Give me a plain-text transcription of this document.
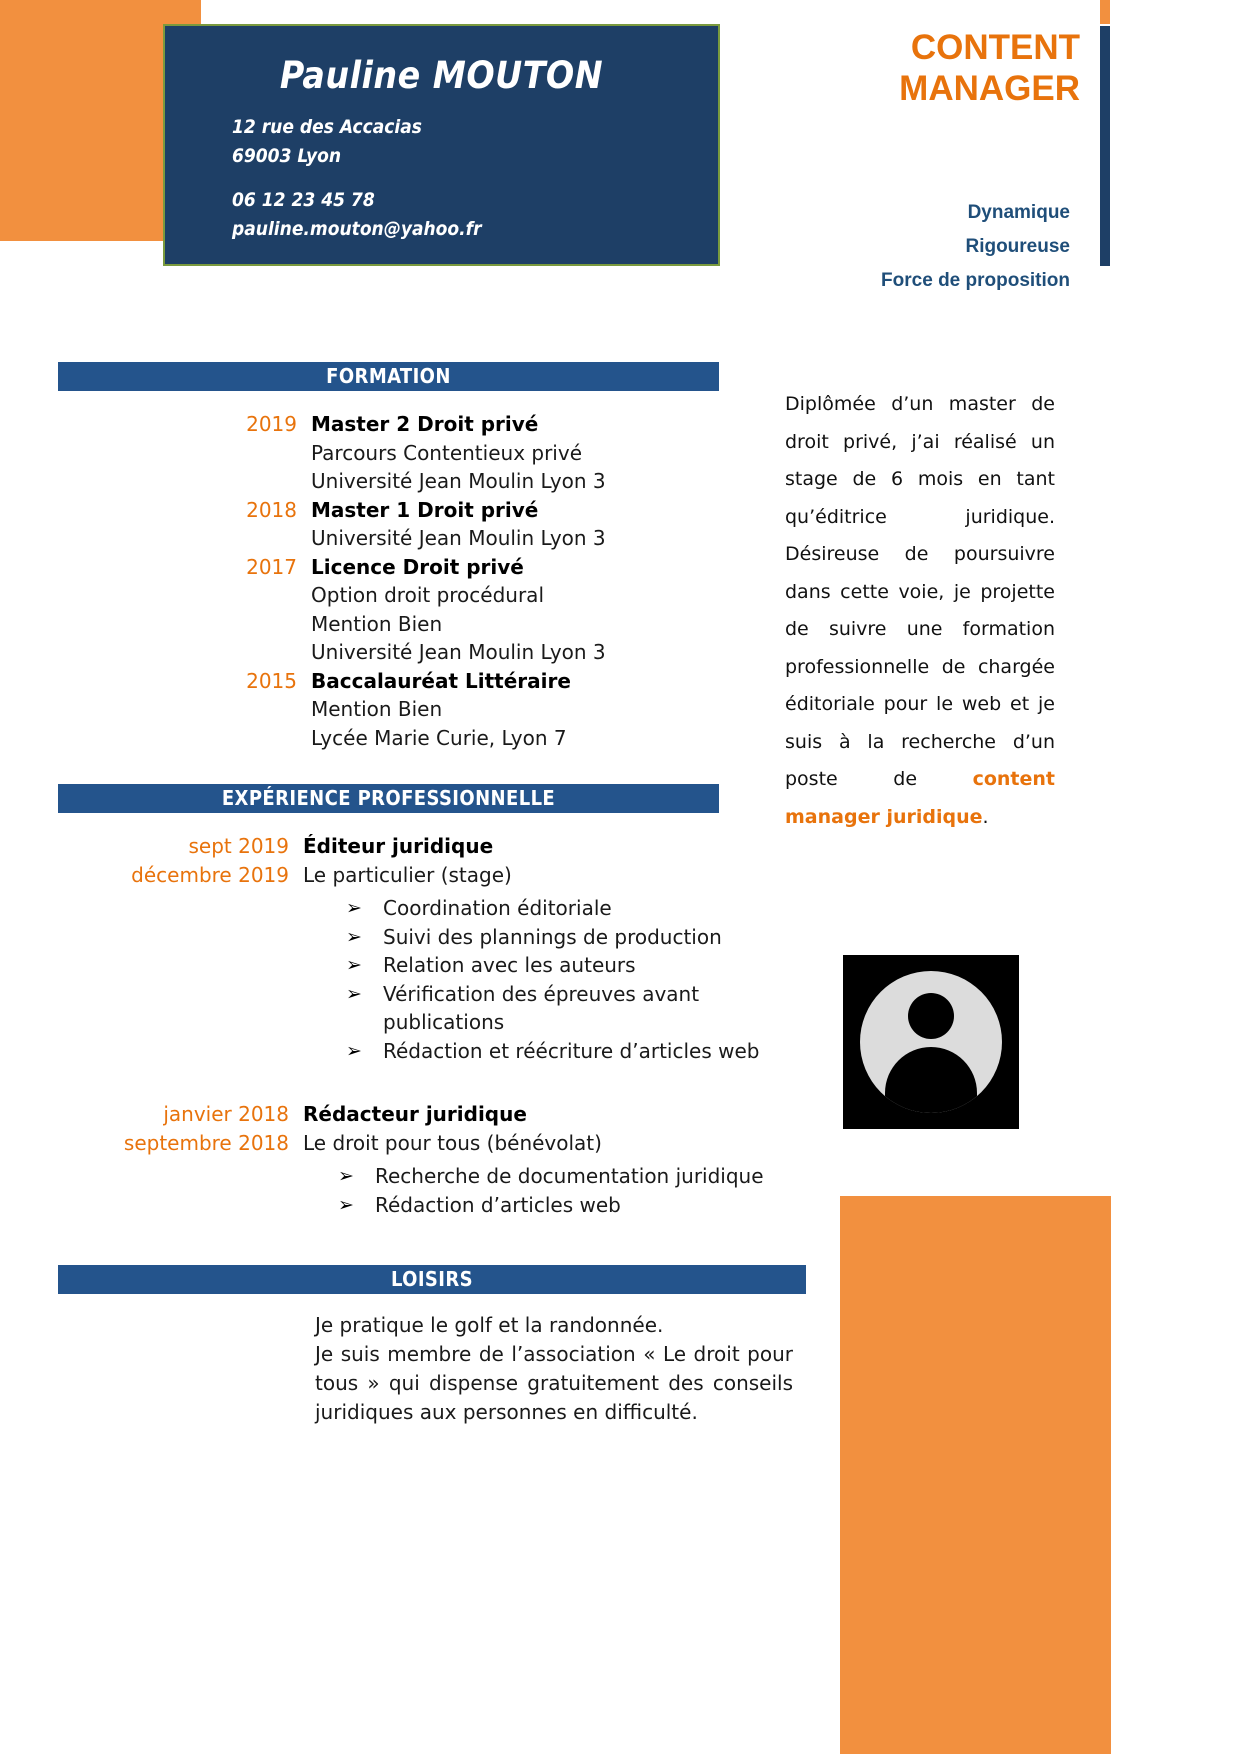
Pauline MOUTON
12 rue des Accacias
69003 Lyon
06 12 23 45 78
pauline.mouton@yahoo.fr
CONTENT
MANAGER
Dynamique
Rigoureuse
Force de proposition
Diplômée d’un master de droit privé, j’ai réalisé un stage de 6 mois en tant qu’éditrice juridique. Désireuse de poursuivre dans cette voie, je projette de suivre une formation professionnelle de chargée éditoriale pour le web et je suis à la recherche d’un poste de content manager juridique.
FORMATION
2019 Master 2 Droit privé
Parcours Contentieux privé
Université Jean Moulin Lyon 3
2018 Master 1 Droit privé
Université Jean Moulin Lyon 3
2017 Licence Droit privé
Option droit procédural
Mention Bien
Université Jean Moulin Lyon 3
2015 Baccalauréat Littéraire
Mention Bien
Lycée Marie Curie, Lyon 7
EXPÉRIENCE PROFESSIONNELLE
sept 2019
décembre 2019
Éditeur juridique
Le particulier (stage)
➢ Coordination éditoriale
➢ Suivi des plannings de production
➢ Relation avec les auteurs
➢ Vérification des épreuves avant publications
➢ Rédaction et réécriture d’articles web
janvier 2018
septembre 2018
Rédacteur juridique
Le droit pour tous (bénévolat)
➢ Recherche de documentation juridique
➢ Rédaction d’articles web
LOISIRS

Je pratique le golf et la randonnée.

Je suis membre de l’association « Le droit pour tous » qui dispense gratuitement des conseils juridiques aux personnes en difficulté.
